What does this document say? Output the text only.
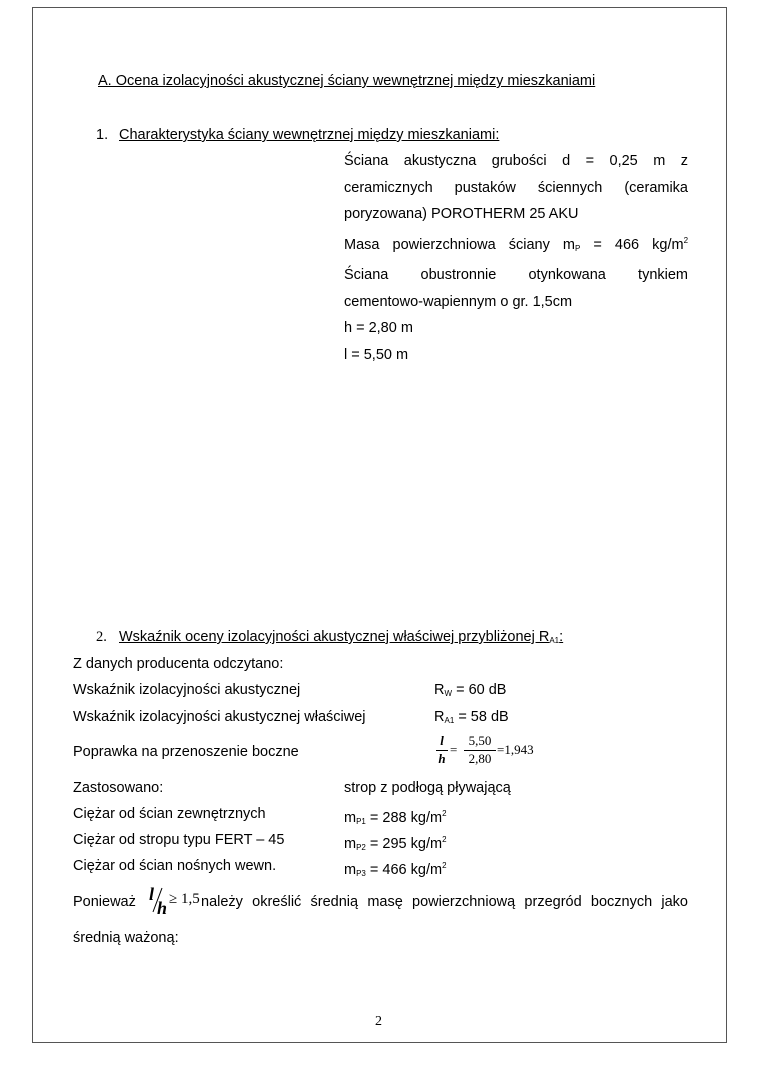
A. Ocena izolacyjności akustycznej ściany wewnętrznej między mieszkaniami
1. Charakterystyka ściany wewnętrznej między mieszkaniami:
Ściana akustyczna grubości d = 0,25 m z
ceramicznych pustaków ściennych (ceramika
poryzowana) POROTHERM 25 AKU
Masa powierzchniowa ściany $m_P = 466$ $kg/m^2$
Ściana obustronnie otynkowana tynkiem
cementowo-wapiennym o gr. 1,5cm
h = 2,80 m
l = 5,50 m
2. Wskaźnik oceny izolacyjności akustycznej właściwej przybliżonej $R_{A1}$:
Z danych producenta odczytano:
Wskaźnik izolacyjności akustycznej	$R_W = 60$ dB
Wskaźnik izolacyjności akustycznej właściwej	$R_{A1} = 58$ dB
Poprawka na przenoszenie boczne
l
h
=
5,50
2,80
=1,943
Zastosowano:	strop z podłogą pływającą
Ciężar od ścian zewnętrznych	$m_{P1} = 288$ $kg/m^2$
Ciężar od stropu typu FERT – 45	$m_{P2} = 295$ $kg/m^2$
Ciężar od ścian nośnych wewn.	$m_{P3} = 466$ $kg/m^2$
Ponieważ l
h ≥ 1,5 należy określić średnią masę powierzchniową przegród bocznych jako
średnią ważoną:
2
